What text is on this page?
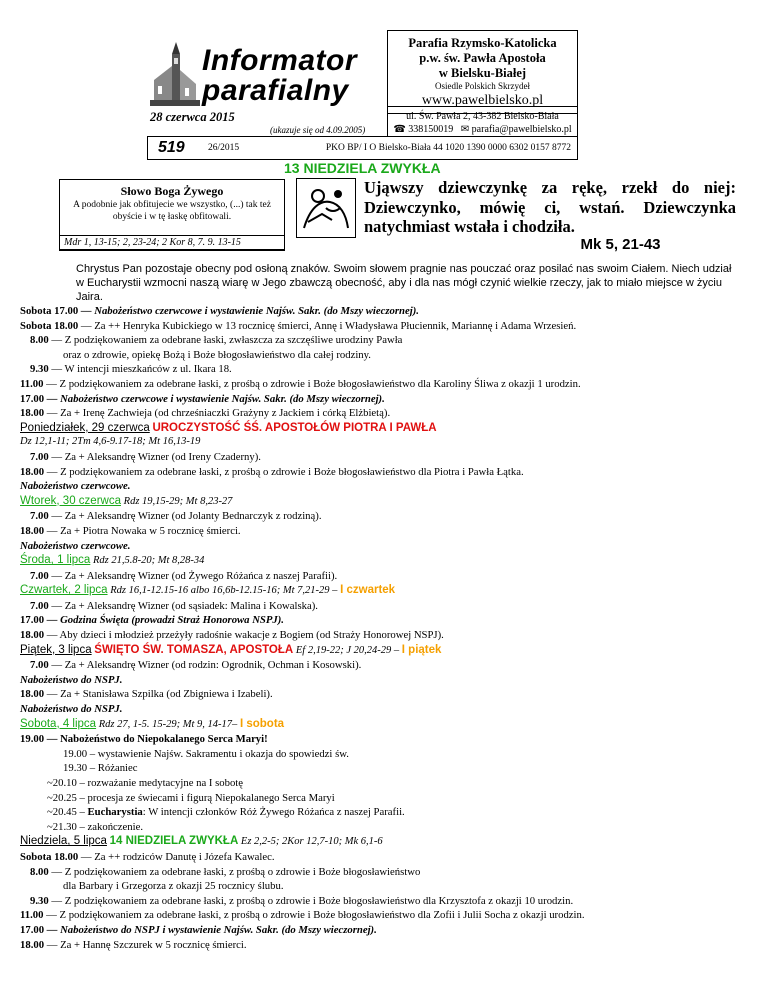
Informator
parafialny
Parafia Rzymsko-Katolicka
p.w. św. Pawła Apostoła
w Bielsku-Białej
Osiedle Polskich Skrzydeł
www.pawelbielsko.pl
ul. Św. Pawła 2, 43-382 Bielsko-Biała
☎ 338150019 ✉ parafia@pawelbielsko.pl
28 czerwca 2015
(ukazuje się od 4.09.2005)
519	26/2015	PKO BP/ I O Bielsko-Biała 44 1020 1390 0000 6302 0157 8772
13 NIEDZIELA ZWYKŁA
Słowo Boga Żywego
A podobnie jak obfitujecie we wszystko, (...) tak też obyście i w tę łaskę obfitowali.
Mdr 1, 13-15; 2, 23-24; 2 Kor 8, 7. 9. 13-15
Ująwszy dziewczynkę za rękę, rzekł do niej: Dziewczynko, mówię ci, wstań. Dziewczynka natychmiast wstała i chodziła.
Mk 5, 21-43

Chrystus Pan pozostaje obecny pod osłoną znaków. Swoim słowem pragnie nas pouczać oraz posilać nas swoim Ciałem. Niech udział w Eucharystii wzmocni naszą wiarę w Jego zbawczą obecność, aby i dla nas mógł czynić wielkie rzeczy, jak to miało miejsce w życiu Jaira.

Sobota 17.00 — Nabożeństwo czerwcowe i wystawienie Najśw. Sakr. (do Mszy wieczornej).
Sobota 18.00 — Za ++ Henryka Kubickiego w 13 rocznicę śmierci, Annę i Władysława Płuciennik, Mariannę i Adama Wrzesień.
8.00 — Z podziękowaniem za odebrane łaski, zwłaszcza za szczęśliwe urodziny Pawła
oraz o zdrowie, opiekę Bożą i Boże błogosławieństwo dla całej rodziny.
9.30 — W intencji mieszkańców z ul. Ikara 18.
11.00 — Z podziękowaniem za odebrane łaski, z prośbą o zdrowie i Boże błogosławieństwo dla Karoliny Śliwa z okazji 1 urodzin.
17.00 — Nabożeństwo czerwcowe i wystawienie Najśw. Sakr. (do Mszy wieczornej).
18.00 — Za + Irenę Zachwieja (od chrześniaczki Grażyny z Jackiem i córką Elżbietą).
Poniedziałek, 29 czerwca UROCZYSTOŚĆ ŚŚ. APOSTOŁÓW PIOTRA I PAWŁA
Dz 12,1-11; 2Tm 4,6-9.17-18; Mt 16,13-19
7.00 — Za + Aleksandrę Wizner (od Ireny Czaderny).
18.00 — Z podziękowaniem za odebrane łaski, z prośbą o zdrowie i Boże błogosławieństwo dla Piotra i Pawła Łątka.
Nabożeństwo czerwcowe.
Wtorek, 30 czerwca Rdz 19,15-29; Mt 8,23-27
7.00 — Za + Aleksandrę Wizner (od Jolanty Bednarczyk z rodziną).
18.00 — Za + Piotra Nowaka w 5 rocznicę śmierci.
Nabożeństwo czerwcowe.
Środa, 1 lipca Rdz 21,5.8-20; Mt 8,28-34
7.00 — Za + Aleksandrę Wizner (od Żywego Różańca z naszej Parafii).
Czwartek, 2 lipca Rdz 16,1-12.15-16 albo 16,6b-12.15-16; Mt 7,21-29 – I czwartek
7.00 — Za + Aleksandrę Wizner (od sąsiadek: Malina i Kowalska).
17.00 — Godzina Święta (prowadzi Straż Honorowa NSPJ).
18.00 — Aby dzieci i młodzież przeżyły radośnie wakacje z Bogiem (od Straży Honorowej NSPJ).
Piątek, 3 lipca ŚWIĘTO ŚW. TOMASZA, APOSTOŁA Ef 2,19-22; J 20,24-29 – I piątek
7.00 — Za + Aleksandrę Wizner (od rodzin: Ogrodnik, Ochman i Kosowski).
Nabożeństwo do NSPJ.
18.00 — Za + Stanisława Szpilka (od Zbigniewa i Izabeli).
Nabożeństwo do NSPJ.
Sobota, 4 lipca Rdz 27, 1-5. 15-29; Mt 9, 14-17– I sobota
19.00 — Nabożeństwo do Niepokalanego Serca Maryi!
19.00 – wystawienie Najśw. Sakramentu i okazja do spowiedzi św.
19.30 – Różaniec
~20.10 – rozważanie medytacyjne na I sobotę
~20.25 – procesja ze świecami i figurą Niepokalanego Serca Maryi
~20.45 – Eucharystia: W intencji członków Róż Żywego Różańca z naszej Parafii.
~21.30 – zakończenie.
Niedziela, 5 lipca 14 NIEDZIELA ZWYKŁA Ez 2,2-5; 2Kor 12,7-10; Mk 6,1-6
Sobota 18.00 — Za ++ rodziców Danutę i Józefa Kawalec.
8.00 — Z podziękowaniem za odebrane łaski, z prośbą o zdrowie i Boże błogosławieństwo
dla Barbary i Grzegorza z okazji 25 rocznicy ślubu.
9.30 — Z podziękowaniem za odebrane łaski, z prośbą o zdrowie i Boże błogosławieństwo dla Krzysztofa z okazji 10 urodzin.
11.00 — Z podziękowaniem za odebrane łaski, z prośbą o zdrowie i Boże błogosławieństwo dla Zofii i Julii Socha z okazji urodzin.
17.00 — Nabożeństwo do NSPJ i wystawienie Najśw. Sakr. (do Mszy wieczornej).
18.00 — Za + Hannę Szczurek w 5 rocznicę śmierci.
